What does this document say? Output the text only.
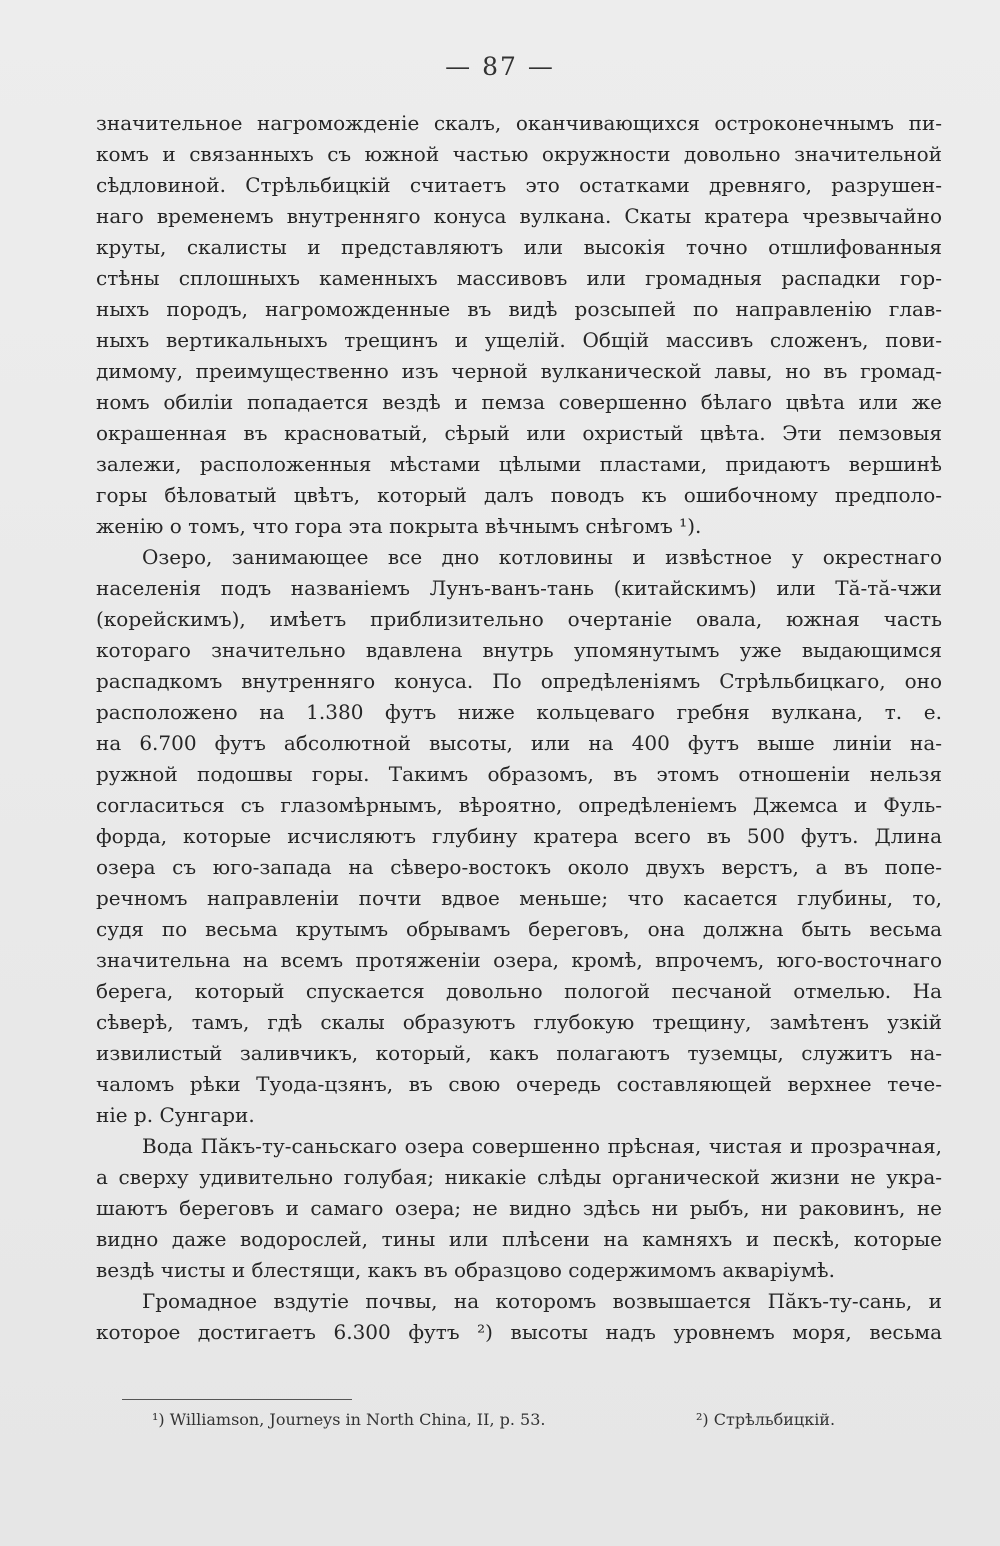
— 87 —
значительное нагроможденіе скалъ, оканчивающихся остроконечнымъ пи-
комъ и связанныхъ съ южной частью окружности довольно значительной
сѣдловиной. Стрѣльбицкій считаетъ это остатками древняго, разрушен-
наго временемъ внутренняго конуса вулкана. Скаты кратера чрезвычайно
круты, скалисты и представляютъ или высокія точно отшлифованныя
стѣны сплошныхъ каменныхъ массивовъ или громадныя распадки гор-
ныхъ породъ, нагроможденные въ видѣ розсыпей по направленію глав-
ныхъ вертикальныхъ трещинъ и ущелій. Общій массивъ сложенъ, пови-
димому, преимущественно изъ черной вулканической лавы, но въ громад-
номъ обиліи попадается вездѣ и пемза совершенно бѣлаго цвѣта или же
окрашенная въ красноватый, сѣрый или охристый цвѣта. Эти пемзовыя
залежи, расположенныя мѣстами цѣлыми пластами, придаютъ вершинѣ
горы бѣловатый цвѣтъ, который далъ поводъ къ ошибочному предполо-
женію о томъ, что гора эта покрыта вѣчнымъ снѣгомъ ¹).
Озеро, занимающее все дно котловины и извѣстное у окрестнаго
населенія подъ названіемъ Лунъ-ванъ-тань (китайскимъ) или Тӑ-тӑ-чжи
(корейскимъ), имѣетъ приблизительно очертаніе овала, южная часть
котораго значительно вдавлена внутрь упомянутымъ уже выдающимся
распадкомъ внутренняго конуса. По опредѣленіямъ Стрѣльбицкаго, оно
расположено на 1.380 футъ ниже кольцеваго гребня вулкана, т. е.
на 6.700 футъ абсолютной высоты, или на 400 футъ выше линіи на-
ружной подошвы горы. Такимъ образомъ, въ этомъ отношеніи нельзя
согласиться съ глазомѣрнымъ, вѣроятно, опредѣленіемъ Джемса и Фуль-
форда, которые исчисляютъ глубину кратера всего въ 500 футъ. Длина
озера съ юго-запада на сѣверо-востокъ около двухъ верстъ, а въ попе-
речномъ направленіи почти вдвое меньше; что касается глубины, то,
судя по весьма крутымъ обрывамъ береговъ, она должна быть весьма
значительна на всемъ протяженіи озера, кромѣ, впрочемъ, юго-восточнаго
берега, который спускается довольно пологой песчаной отмелью. На
сѣверѣ, тамъ, гдѣ скалы образуютъ глубокую трещину, замѣтенъ узкій
извилистый заливчикъ, который, какъ полагаютъ туземцы, служитъ на-
чаломъ рѣки Туода-цзянъ, въ свою очередь составляющей верхнее тече-
ніе р. Сунгари.
Вода Пӑкъ-ту-саньскаго озера совершенно прѣсная, чистая и прозрачная,
а сверху удивительно голубая; никакіе слѣды органической жизни не укра-
шаютъ береговъ и самаго озера; не видно здѣсь ни рыбъ, ни раковинъ, не
видно даже водорослей, тины или плѣсени на камняхъ и пескѣ, которые
вездѣ чисты и блестящи, какъ въ образцово содержимомъ акваріумѣ.
Громадное вздутіе почвы, на которомъ возвышается Пӑкъ-ту-сань, и
которое достигаетъ 6.300 футъ ²) высоты надъ уровнемъ моря, весьма
¹) Williamson, Journeys in North China, II, p. 53.	²) Стрѣльбицкій.
